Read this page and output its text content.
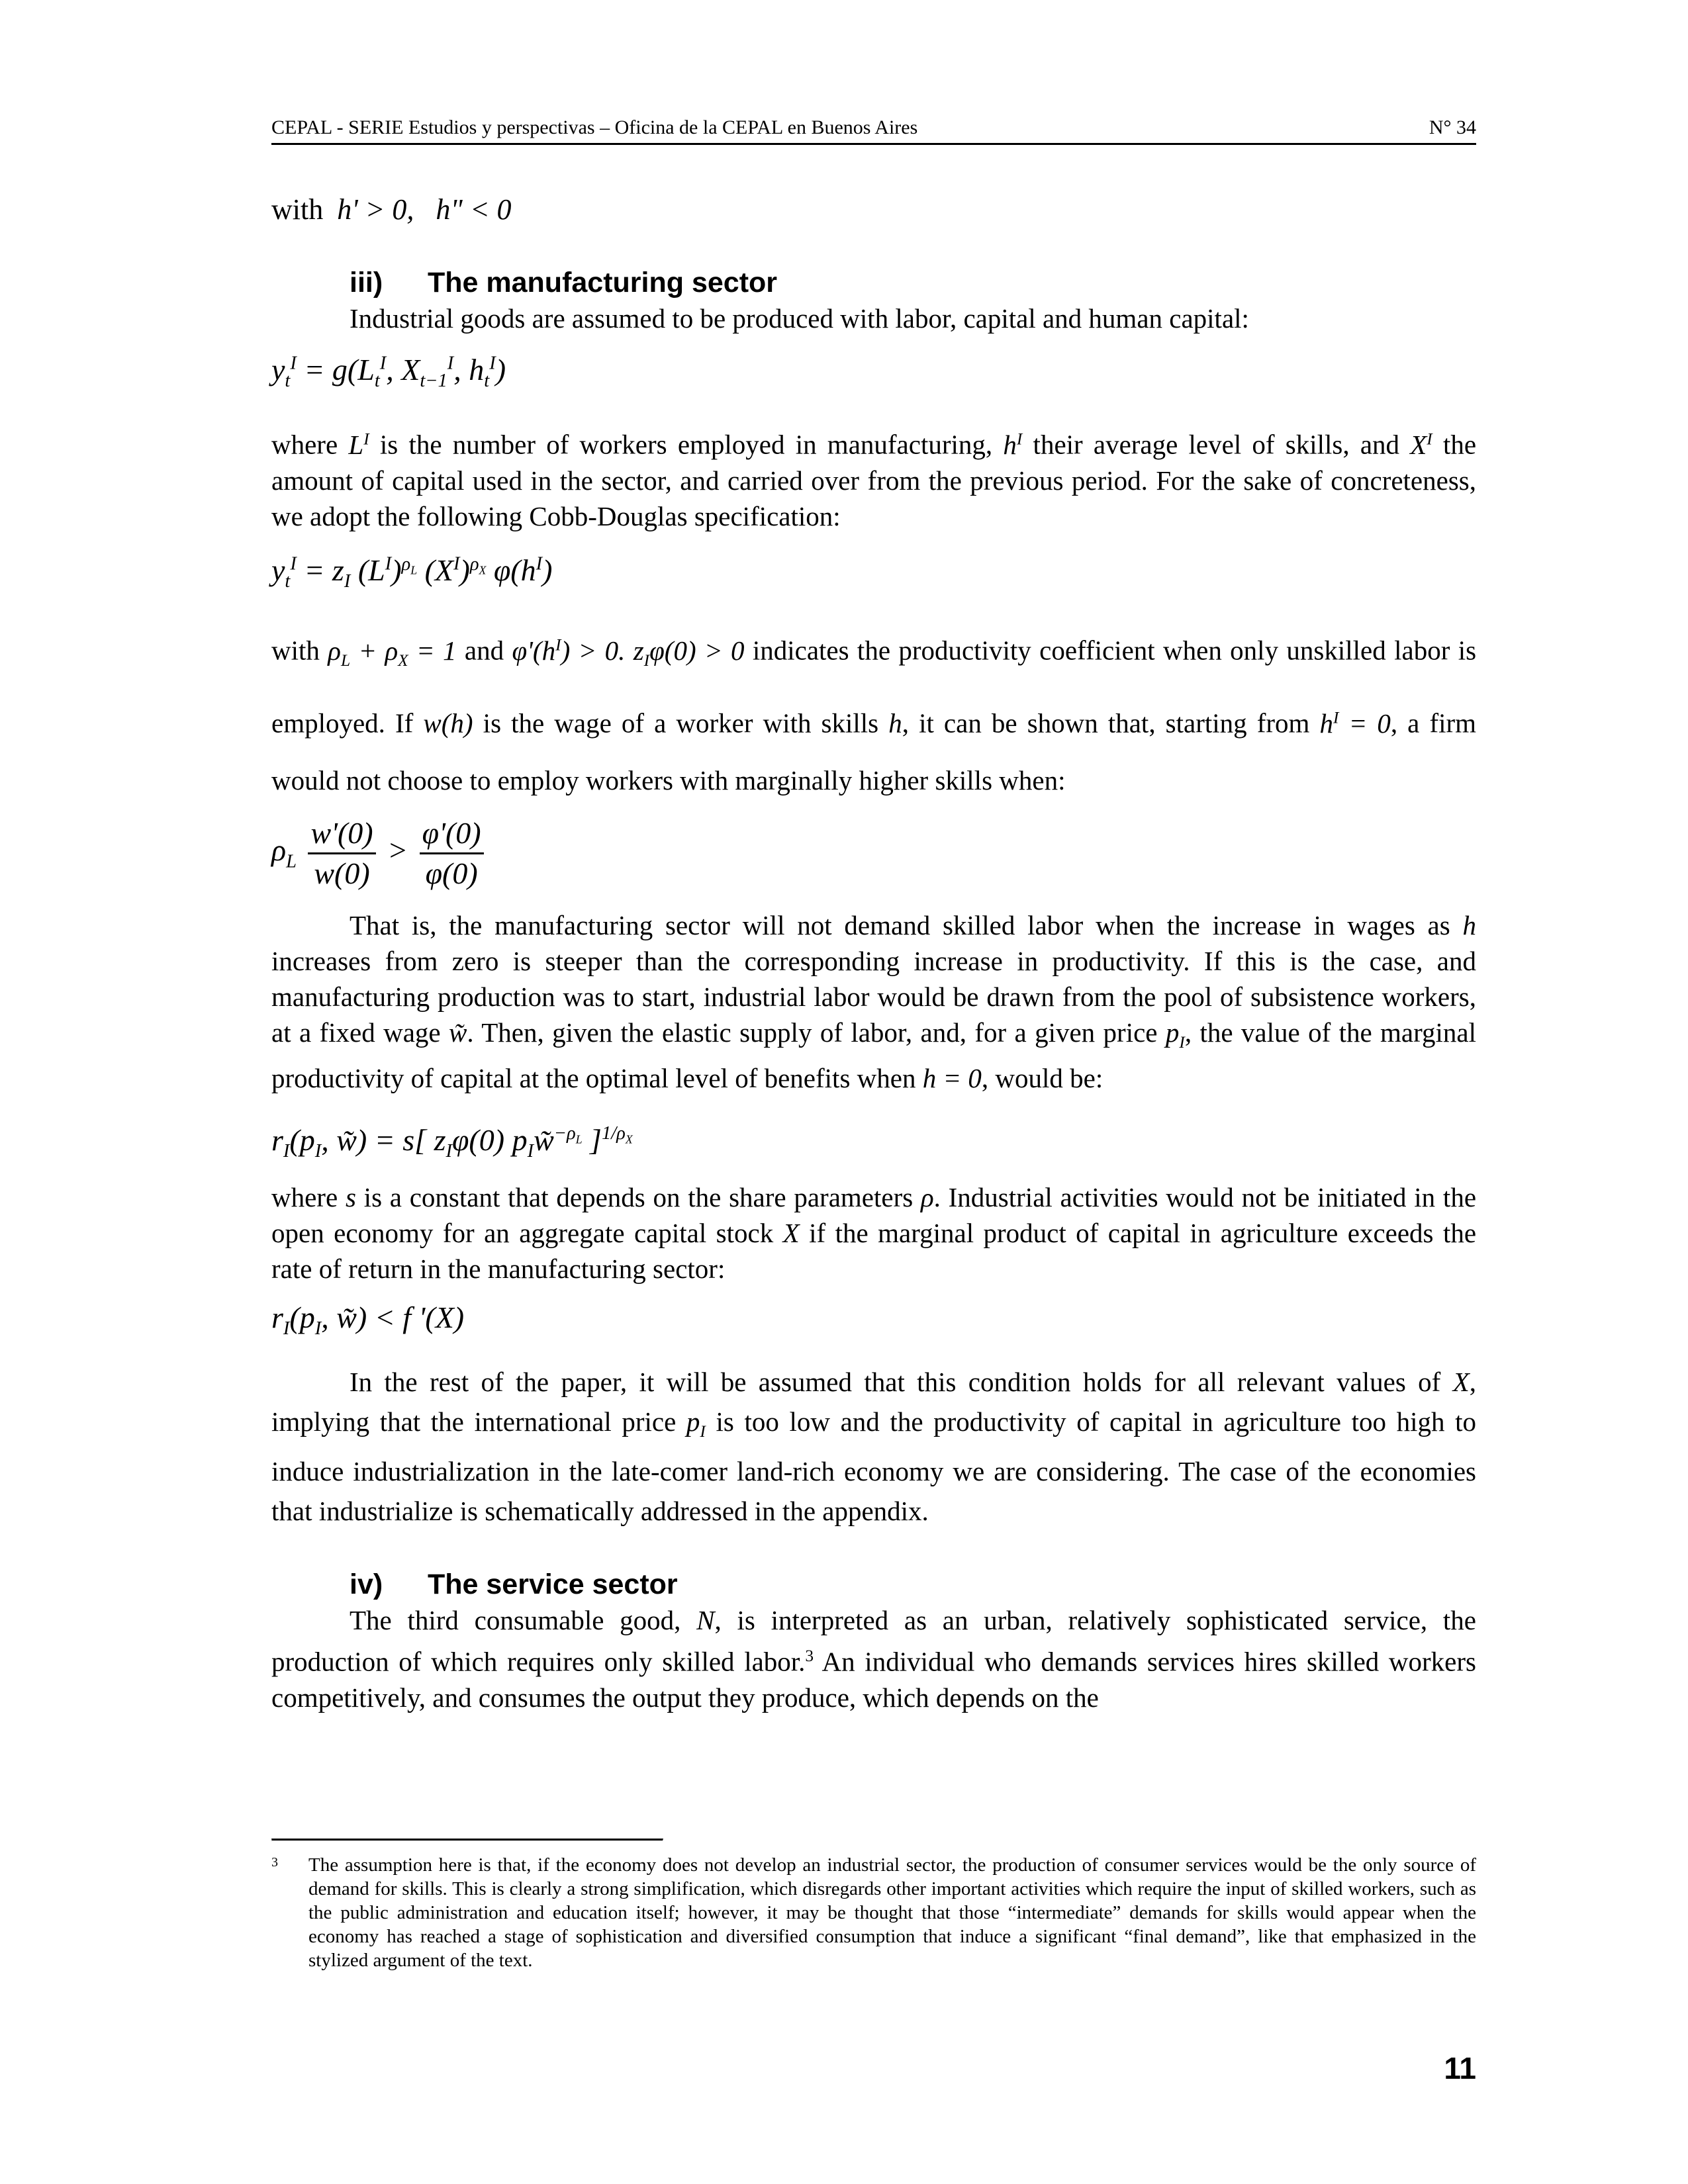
CEPAL - SERIE Estudios y perspectivas – Oficina de la CEPAL en Buenos Aires	N° 34

with h' > 0,   h" < 0

iii) The manufacturing sector

Industrial goods are assumed to be produced with labor, capital and human capital:

$y_t^I = g(L_t^I$, $X_{t-1}^I$, $h_t^I$)

where $L^I$ is the number of workers employed in manufacturing, $h^I$ their average level of skills, and $X^I$ the amount of capital used in the sector, and carried over from the previous period. For the sake of concreteness, we adopt the following Cobb-Douglas specification:

$y_t^I = z_I$ $(L^I)^{\rho_L}$ $(X^I)^{\rho_X}$ $\varphi(h^I)$

with $\rho_L + \rho_X = 1$ and $\varphi'(h^I) > 0$. $z_I\varphi(0) > 0$ indicates the productivity coefficient when only unskilled labor is employed. If w(h) is the wage of a worker with skills h, it can be shown that, starting from $h^I = 0$, a firm would not choose to employ workers with marginally higher skills when:

$\rho_L \frac{w'(0)}{w(0)} > \frac{\varphi'(0)}{\varphi(0)}$

That is, the manufacturing sector will not demand skilled labor when the increase in wages as h increases from zero is steeper than the corresponding increase in productivity. If this is the case, and manufacturing production was to start, industrial labor would be drawn from the pool of subsistence workers, at a fixed wage w̃. Then, given the elastic supply of labor, and, for a given price $p_I$, the value of the marginal productivity of capital at the optimal level of benefits when h = 0, would be:

$r_I(p_I$, w̃) = s[ $z_I\varphi(0)$ $p_Iw̃^{-\rho_L}$ ]$^{1/\rho_X}$

where s is a constant that depends on the share parameters ρ. Industrial activities would not be initiated in the open economy for an aggregate capital stock X if the marginal product of capital in agriculture exceeds the rate of return in the manufacturing sector:

$r_I(p_I$, w̃) < f '(X)

In the rest of the paper, it will be assumed that this condition holds for all relevant values of X, implying that the international price $p_I$ is too low and the productivity of capital in agriculture too high to induce industrialization in the late-comer land-rich economy we are considering. The case of the economies that industrialize is schematically addressed in the appendix.

iv) The service sector

The third consumable good, N, is interpreted as an urban, relatively sophisticated service, the production of which requires only skilled labor.$^3$ An individual who demands services hires skilled workers competitively, and consumes the output they produce, which depends on the

3	The assumption here is that, if the economy does not develop an industrial sector, the production of consumer services would be the only source of demand for skills. This is clearly a strong simplification, which disregards other important activities which require the input of skilled workers, such as the public administration and education itself; however, it may be thought that those “intermediate” demands for skills would appear when the economy has reached a stage of sophistication and diversified consumption that induce a significant “final demand”, like that emphasized in the stylized argument of the text.
11
